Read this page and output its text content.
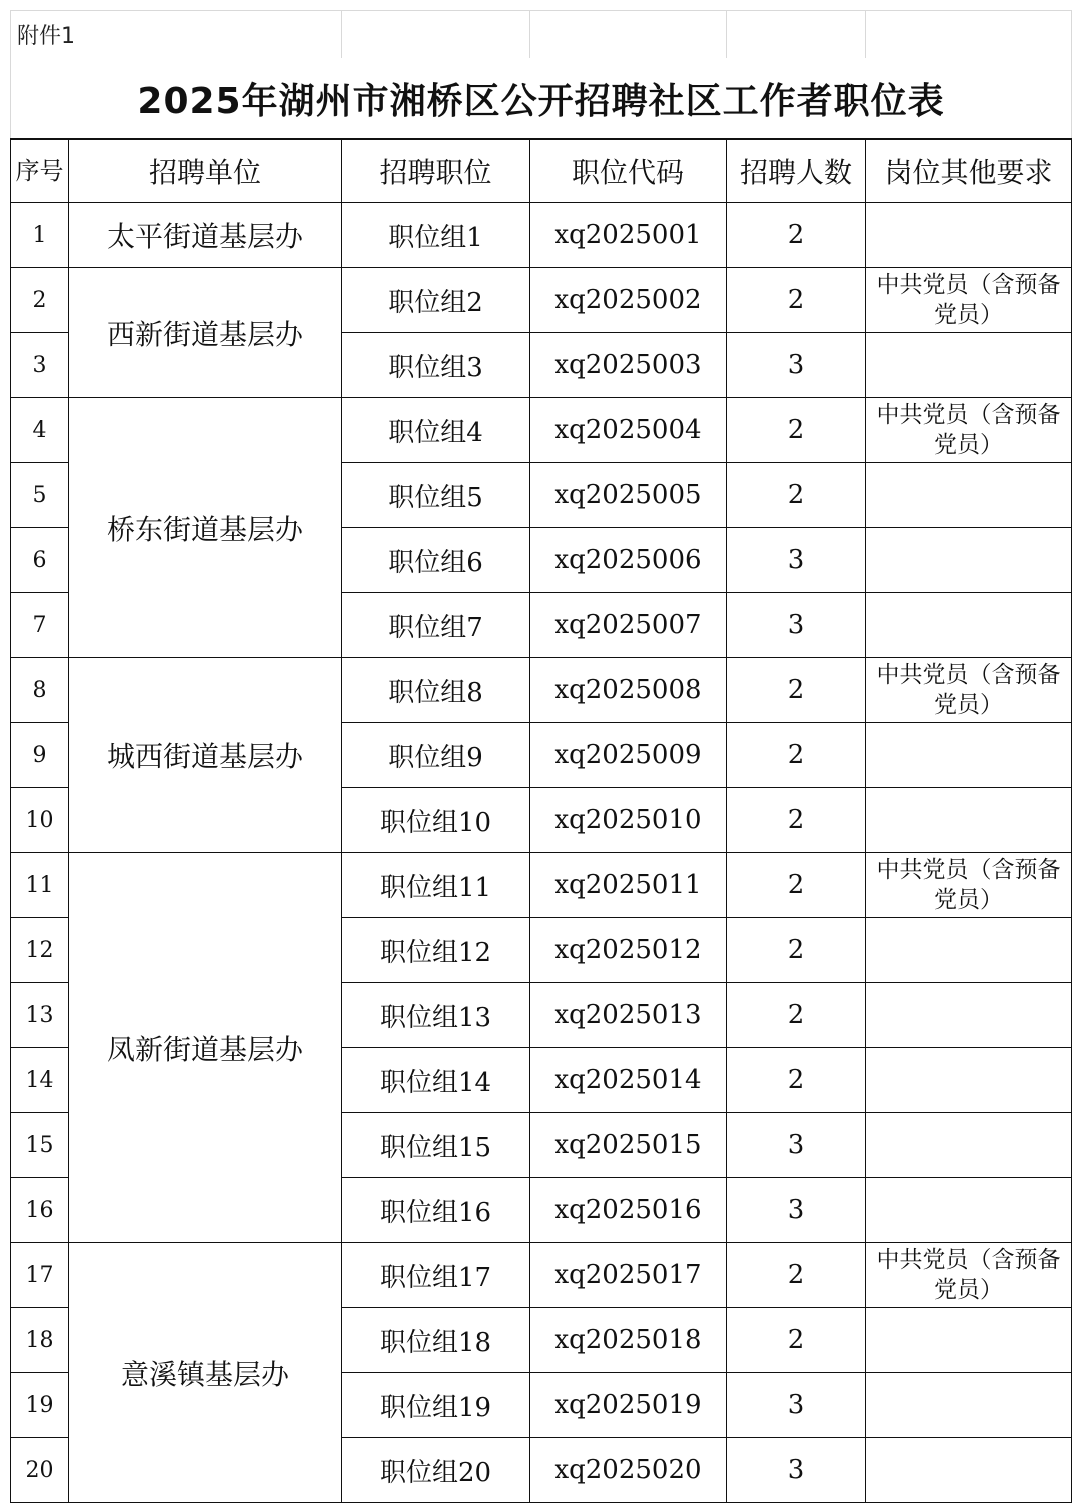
附件1					
2025年湖州市湘桥区公开招聘社区工作者职位表					
序号	招聘单位	招聘职位	职位代码	招聘人数	岗位其他要求
1	太平街道基层办	职位组1	xq2025001	2	
2	西新街道基层办	职位组2	xq2025002	2	中共党员（含预备党员）
3		职位组3	xq2025003	3	
4	桥东街道基层办	职位组4	xq2025004	2	中共党员（含预备党员）
5		职位组5	xq2025005	2	
6		职位组6	xq2025006	3	
7		职位组7	xq2025007	3	
8	城西街道基层办	职位组8	xq2025008	2	中共党员（含预备党员）
9		职位组9	xq2025009	2	
10		职位组10	xq2025010	2	
11	凤新街道基层办	职位组11	xq2025011	2	中共党员（含预备党员）
12		职位组12	xq2025012	2	
13		职位组13	xq2025013	2	
14		职位组14	xq2025014	2	
15		职位组15	xq2025015	3	
16		职位组16	xq2025016	3	
17	意溪镇基层办	职位组17	xq2025017	2	中共党员（含预备党员）
18		职位组18	xq2025018	2	
19		职位组19	xq2025019	3	
20		职位组20	xq2025020	3	
